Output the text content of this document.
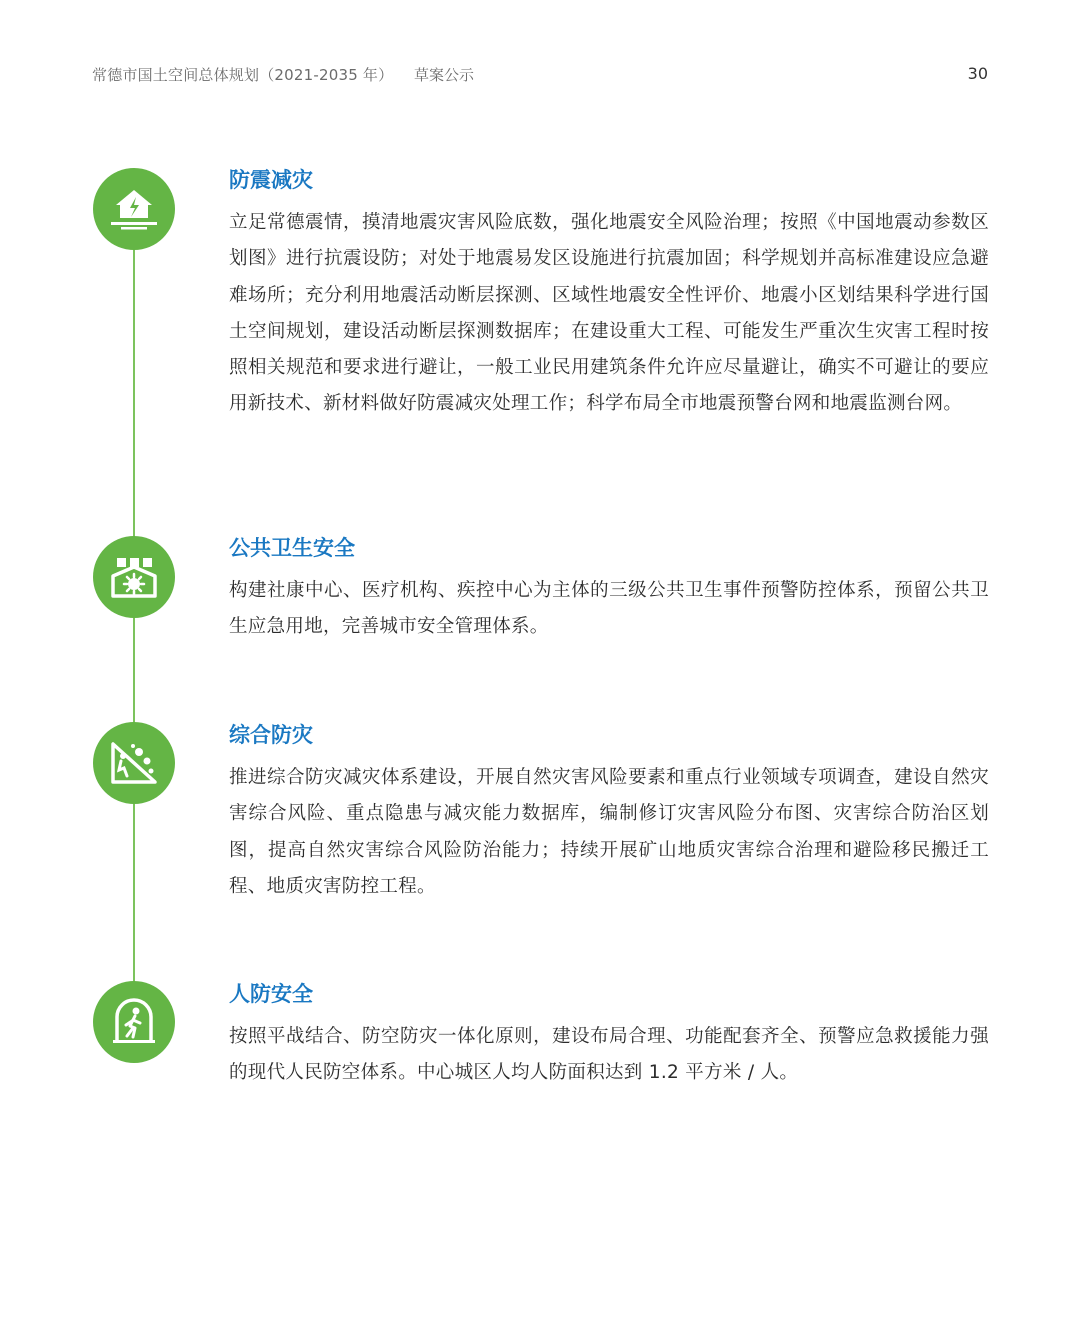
常德市国土空间总体规划（2021-2035 年） 草案公示	30
防震减灾

立足常德震情，摸清地震灾害风险底数，强化地震安全风险治理；按照《中国地震动参数区划图》进行抗震设防；对处于地震易发区设施进行抗震加固；科学规划并高标准建设应急避难场所；充分利用地震活动断层探测、区域性地震安全性评价、地震小区划结果科学进行国土空间规划，建设活动断层探测数据库；在建设重大工程、可能发生严重次生灾害工程时按照相关规范和要求进行避让，一般工业民用建筑条件允许应尽量避让，确实不可避让的要应用新技术、新材料做好防震减灾处理工作；科学布局全市地震预警台网和地震监测台网。

公共卫生安全

构建社康中心、医疗机构、疾控中心为主体的三级公共卫生事件预警防控体系，预留公共卫生应急用地，完善城市安全管理体系。

综合防灾

推进综合防灾减灾体系建设，开展自然灾害风险要素和重点行业领域专项调查，建设自然灾害综合风险、重点隐患与减灾能力数据库，编制修订灾害风险分布图、灾害综合防治区划图，提高自然灾害综合风险防治能力；持续开展矿山地质灾害综合治理和避险移民搬迁工程、地质灾害防控工程。

人防安全

按照平战结合、防空防灾一体化原则，建设布局合理、功能配套齐全、预警应急救援能力强的现代人民防空体系。中心城区人均人防面积达到 1.2 平方米 / 人。
